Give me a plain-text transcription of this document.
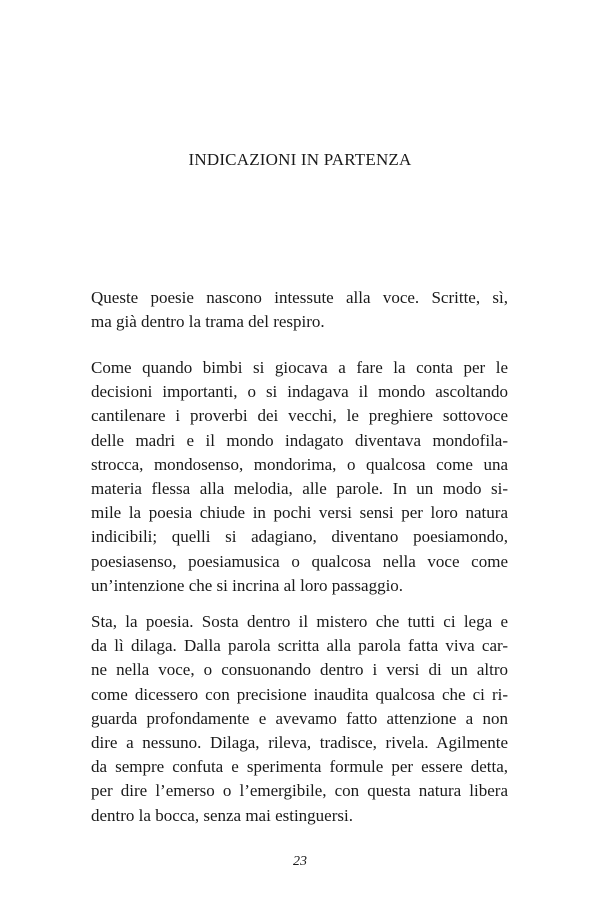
INDICAZIONI IN PARTENZA

Queste poesie nascono intessute alla voce. Scritte, sì,
ma già dentro la trama del respiro.

Come quando bimbi si giocava a fare la conta per le
decisioni importanti, o si indagava il mondo ascoltando
cantilenare i proverbi dei vecchi, le preghiere sottovoce
delle madri e il mondo indagato diventava mondofila-
strocca, mondosenso, mondorima, o qualcosa come una
materia flessa alla melodia, alle parole. In un modo si-
mile la poesia chiude in pochi versi sensi per loro natura
indicibili; quelli si adagiano, diventano poesiamondo,
poesiasenso, poesiamusica o qualcosa nella voce come
un’intenzione che si incrina al loro passaggio.

Sta, la poesia. Sosta dentro il mistero che tutti ci lega e
da lì dilaga. Dalla parola scritta alla parola fatta viva car-
ne nella voce, o consuonando dentro i versi di un altro
come dicessero con precisione inaudita qualcosa che ci ri-
guarda profondamente e avevamo fatto attenzione a non
dire a nessuno. Dilaga, rileva, tradisce, rivela. Agilmente
da sempre confuta e sperimenta formule per essere detta,
per dire l’emerso o l’emergibile, con questa natura libera
dentro la bocca, senza mai estinguersi.

23
